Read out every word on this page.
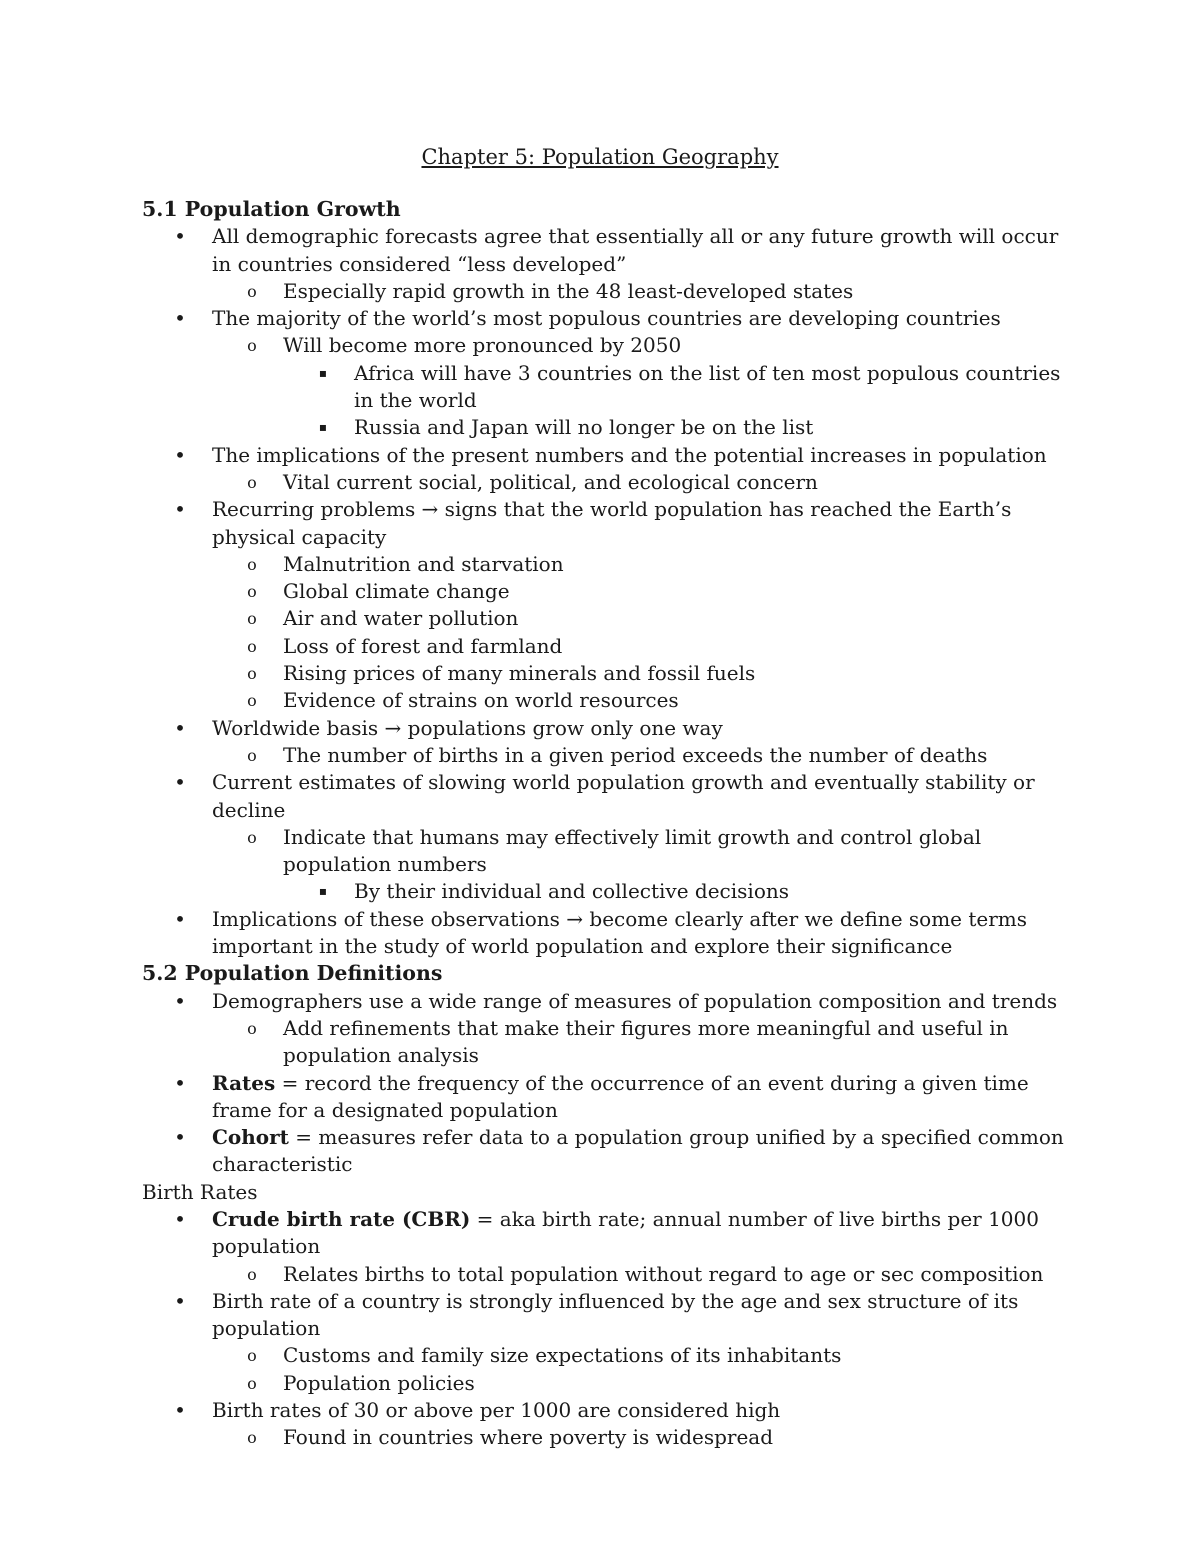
Chapter 5: Population Geography

5.1 Population Growth

• All demographic forecasts agree that essentially all or any future growth will occur in countries considered “less developed”
o Especially rapid growth in the 48 least-developed states
• The majority of the world’s most populous countries are developing countries
o Will become more pronounced by 2050
▪ Africa will have 3 countries on the list of ten most populous countries in the world
▪ Russia and Japan will no longer be on the list
• The implications of the present numbers and the potential increases in population
o Vital current social, political, and ecological concern
• Recurring problems → signs that the world population has reached the Earth’s physical capacity
o Malnutrition and starvation
o Global climate change
o Air and water pollution
o Loss of forest and farmland
o Rising prices of many minerals and fossil fuels
o Evidence of strains on world resources
• Worldwide basis → populations grow only one way
o The number of births in a given period exceeds the number of deaths
• Current estimates of slowing world population growth and eventually stability or decline
o Indicate that humans may effectively limit growth and control global population numbers
▪ By their individual and collective decisions
• Implications of these observations → become clearly after we define some terms important in the study of world population and explore their significance

5.2 Population Definitions

• Demographers use a wide range of measures of population composition and trends
o Add refinements that make their figures more meaningful and useful in population analysis
• Rates = record the frequency of the occurrence of an event during a given time frame for a designated population
• Cohort = measures refer data to a population group unified by a specified common characteristic

Birth Rates

• Crude birth rate (CBR) = aka birth rate; annual number of live births per 1000 population
o Relates births to total population without regard to age or sec composition
• Birth rate of a country is strongly influenced by the age and sex structure of its population
o Customs and family size expectations of its inhabitants
o Population policies
• Birth rates of 30 or above per 1000 are considered high
o Found in countries where poverty is widespread
